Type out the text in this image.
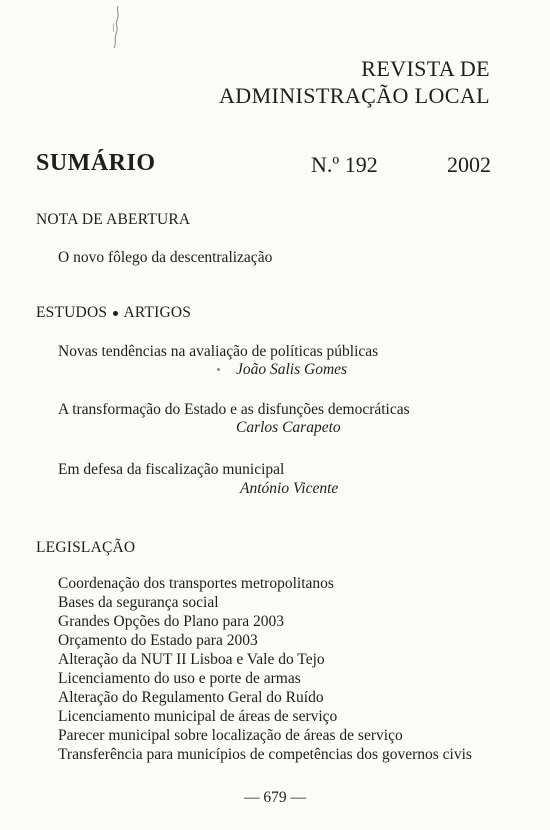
REVISTA DE
ADMINISTRAÇÃO LOCAL
SUMÁRIO	N.º 192	2002
NOTA DE ABERTURA
O novo fôlego da descentralização
ESTUDOS ARTIGOS
Novas tendências na avaliação de políticas públicas
João Salis Gomes
A transformação do Estado e as disfunções democráticas
Carlos Carapeto
Em defesa da fiscalização municipal
António Vicente
LEGISLAÇÃO
Coordenação dos transportes metropolitanos
Bases da segurança social
Grandes Opções do Plano para 2003
Orçamento do Estado para 2003
Alteração da NUT II Lisboa e Vale do Tejo
Licenciamento do uso e porte de armas
Alteração do Regulamento Geral do Ruído
Licenciamento municipal de áreas de serviço
Parecer municipal sobre localização de áreas de serviço
Transferência para municípios de competências dos governos civis
— 679 —
